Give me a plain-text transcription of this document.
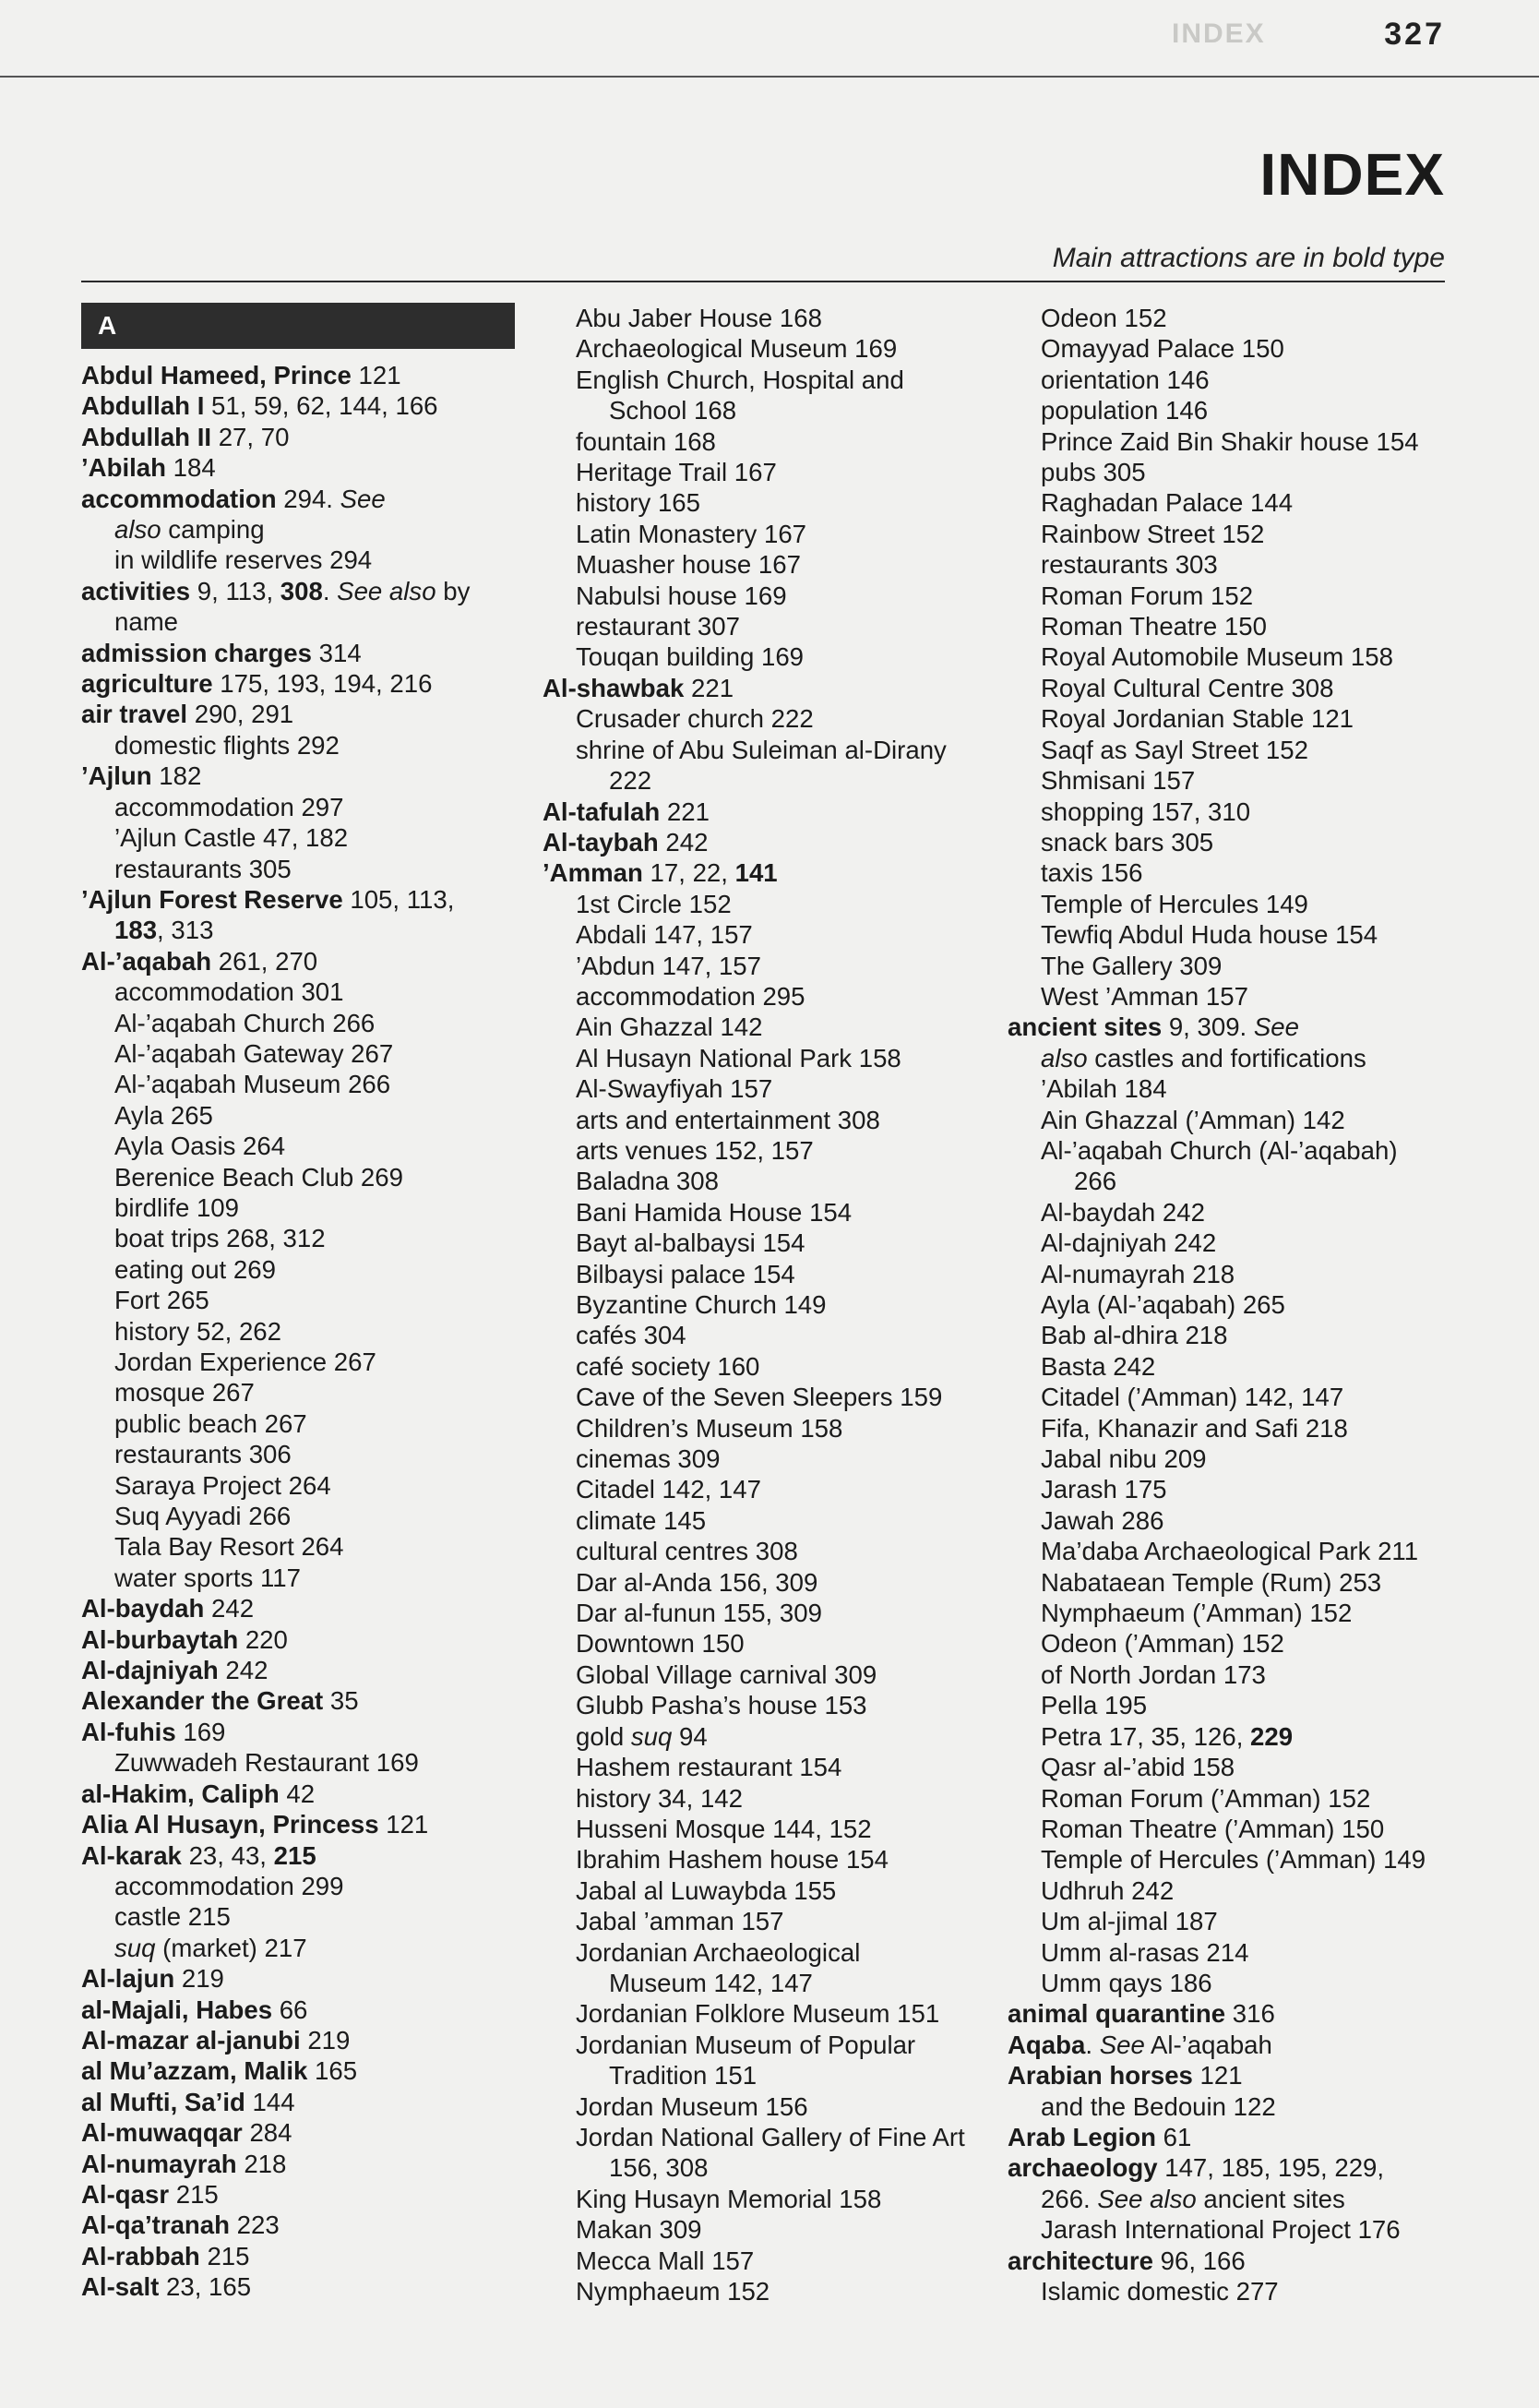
INDEX	327
INDEX
Main attractions are in bold type
A
Abdul Hameed, Prince 121
Abdullah I 51, 59, 62, 144, 166
Abdullah II 27, 70
’Abilah 184
accommodation 294. See
also camping
in wildlife reserves 294
activities 9, 113, 308. See also by
name
admission charges 314
agriculture 175, 193, 194, 216
air travel 290, 291
domestic flights 292
’Ajlun 182
accommodation 297
’Ajlun Castle 47, 182
restaurants 305
’Ajlun Forest Reserve 105, 113,
183, 313
Al-’aqabah 261, 270
accommodation 301
Al-’aqabah Church 266
Al-’aqabah Gateway 267
Al-’aqabah Museum 266
Ayla 265
Ayla Oasis 264
Berenice Beach Club 269
birdlife 109
boat trips 268, 312
eating out 269
Fort 265
history 52, 262
Jordan Experience 267
mosque 267
public beach 267
restaurants 306
Saraya Project 264
Suq Ayyadi 266
Tala Bay Resort 264
water sports 117
Al-baydah 242
Al-burbaytah 220
Al-dajniyah 242
Alexander the Great 35
Al-fuhis 169
Zuwwadeh Restaurant 169
al-Hakim, Caliph 42
Alia Al Husayn, Princess 121
Al-karak 23, 43, 215
accommodation 299
castle 215
suq (market) 217
Al-lajun 219
al-Majali, Habes 66
Al-mazar al-janubi 219
al Mu’azzam, Malik 165
al Mufti, Sa’id 144
Al-muwaqqar 284
Al-numayrah 218
Al-qasr 215
Al-qa’tranah 223
Al-rabbah 215
Al-salt 23, 165
Abu Jaber House 168
Archaeological Museum 169
English Church, Hospital and
School 168
fountain 168
Heritage Trail 167
history 165
Latin Monastery 167
Muasher house 167
Nabulsi house 169
restaurant 307
Touqan building 169
Al-shawbak 221
Crusader church 222
shrine of Abu Suleiman al-Dirany
222
Al-tafulah 221
Al-taybah 242
’Amman 17, 22, 141
1st Circle 152
Abdali 147, 157
’Abdun 147, 157
accommodation 295
Ain Ghazzal 142
Al Husayn National Park 158
Al-Swayfiyah 157
arts and entertainment 308
arts venues 152, 157
Baladna 308
Bani Hamida House 154
Bayt al-balbaysi 154
Bilbaysi palace 154
Byzantine Church 149
cafés 304
café society 160
Cave of the Seven Sleepers 159
Children’s Museum 158
cinemas 309
Citadel 142, 147
climate 145
cultural centres 308
Dar al-Anda 156, 309
Dar al-funun 155, 309
Downtown 150
Global Village carnival 309
Glubb Pasha’s house 153
gold suq 94
Hashem restaurant 154
history 34, 142
Husseni Mosque 144, 152
Ibrahim Hashem house 154
Jabal al Luwaybda 155
Jabal ’amman 157
Jordanian Archaeological
Museum 142, 147
Jordanian Folklore Museum 151
Jordanian Museum of Popular
Tradition 151
Jordan Museum 156
Jordan National Gallery of Fine Art
156, 308
King Husayn Memorial 158
Makan 309
Mecca Mall 157
Nymphaeum 152
Odeon 152
Omayyad Palace 150
orientation 146
population 146
Prince Zaid Bin Shakir house 154
pubs 305
Raghadan Palace 144
Rainbow Street 152
restaurants 303
Roman Forum 152
Roman Theatre 150
Royal Automobile Museum 158
Royal Cultural Centre 308
Royal Jordanian Stable 121
Saqf as Sayl Street 152
Shmisani 157
shopping 157, 310
snack bars 305
taxis 156
Temple of Hercules 149
Tewfiq Abdul Huda house 154
The Gallery 309
West ’Amman 157
ancient sites 9, 309. See
also castles and fortifications
’Abilah 184
Ain Ghazzal (’Amman) 142
Al-’aqabah Church (Al-’aqabah)
266
Al-baydah 242
Al-dajniyah 242
Al-numayrah 218
Ayla (Al-’aqabah) 265
Bab al-dhira 218
Basta 242
Citadel (’Amman) 142, 147
Fifa, Khanazir and Safi 218
Jabal nibu 209
Jarash 175
Jawah 286
Ma’daba Archaeological Park 211
Nabataean Temple (Rum) 253
Nymphaeum (’Amman) 152
Odeon (’Amman) 152
of North Jordan 173
Pella 195
Petra 17, 35, 126, 229
Qasr al-’abid 158
Roman Forum (’Amman) 152
Roman Theatre (’Amman) 150
Temple of Hercules (’Amman) 149
Udhruh 242
Um al-jimal 187
Umm al-rasas 214
Umm qays 186
animal quarantine 316
Aqaba. See Al-’aqabah
Arabian horses 121
and the Bedouin 122
Arab Legion 61
archaeology 147, 185, 195, 229,
266. See also ancient sites
Jarash International Project 176
architecture 96, 166
Islamic domestic 277
